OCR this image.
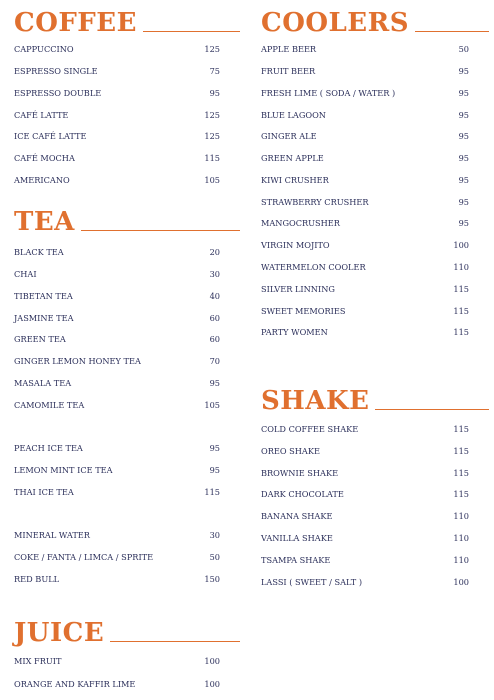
COFFEE
CAPPUCCINO	125
ESPRESSO SINGLE	75
ESPRESSO DOUBLE	95
CAFÉ LATTE	125
ICE CAFÉ LATTE	125
CAFÉ MOCHA	115
AMERICANO	105
TEA
BLACK TEA	20
CHAI	30
TIBETAN TEA	40
JASMINE TEA	60
GREEN TEA	60
GINGER LEMON HONEY TEA	70
MASALA TEA	95
CAMOMILE TEA	105
PEACH ICE TEA	95
LEMON MINT ICE TEA	95
THAI ICE TEA	115
MINERAL WATER	30
COKE / FANTA / LIMCA / SPRITE	50
RED BULL	150
JUICE
MIX FRUIT	100
ORANGE AND KAFFIR LIME	100
COOLERS
APPLE BEER	50
FRUIT BEER	95
FRESH LIME ( SODA / WATER )	95
BLUE LAGOON	95
GINGER ALE	95
GREEN APPLE	95
KIWI CRUSHER	95
STRAWBERRY CRUSHER	95
MANGOCRUSHER	95
VIRGIN MOJITO	100
WATERMELON COOLER	110
SILVER LINNING	115
SWEET MEMORIES	115
PARTY WOMEN	115
SHAKE
COLD COFFEE SHAKE	115
OREO SHAKE	115
BROWNIE SHAKE	115
DARK CHOCOLATE	115
BANANA SHAKE	110
VANILLA SHAKE	110
TSAMPA SHAKE	110
LASSI ( SWEET / SALT )	100
